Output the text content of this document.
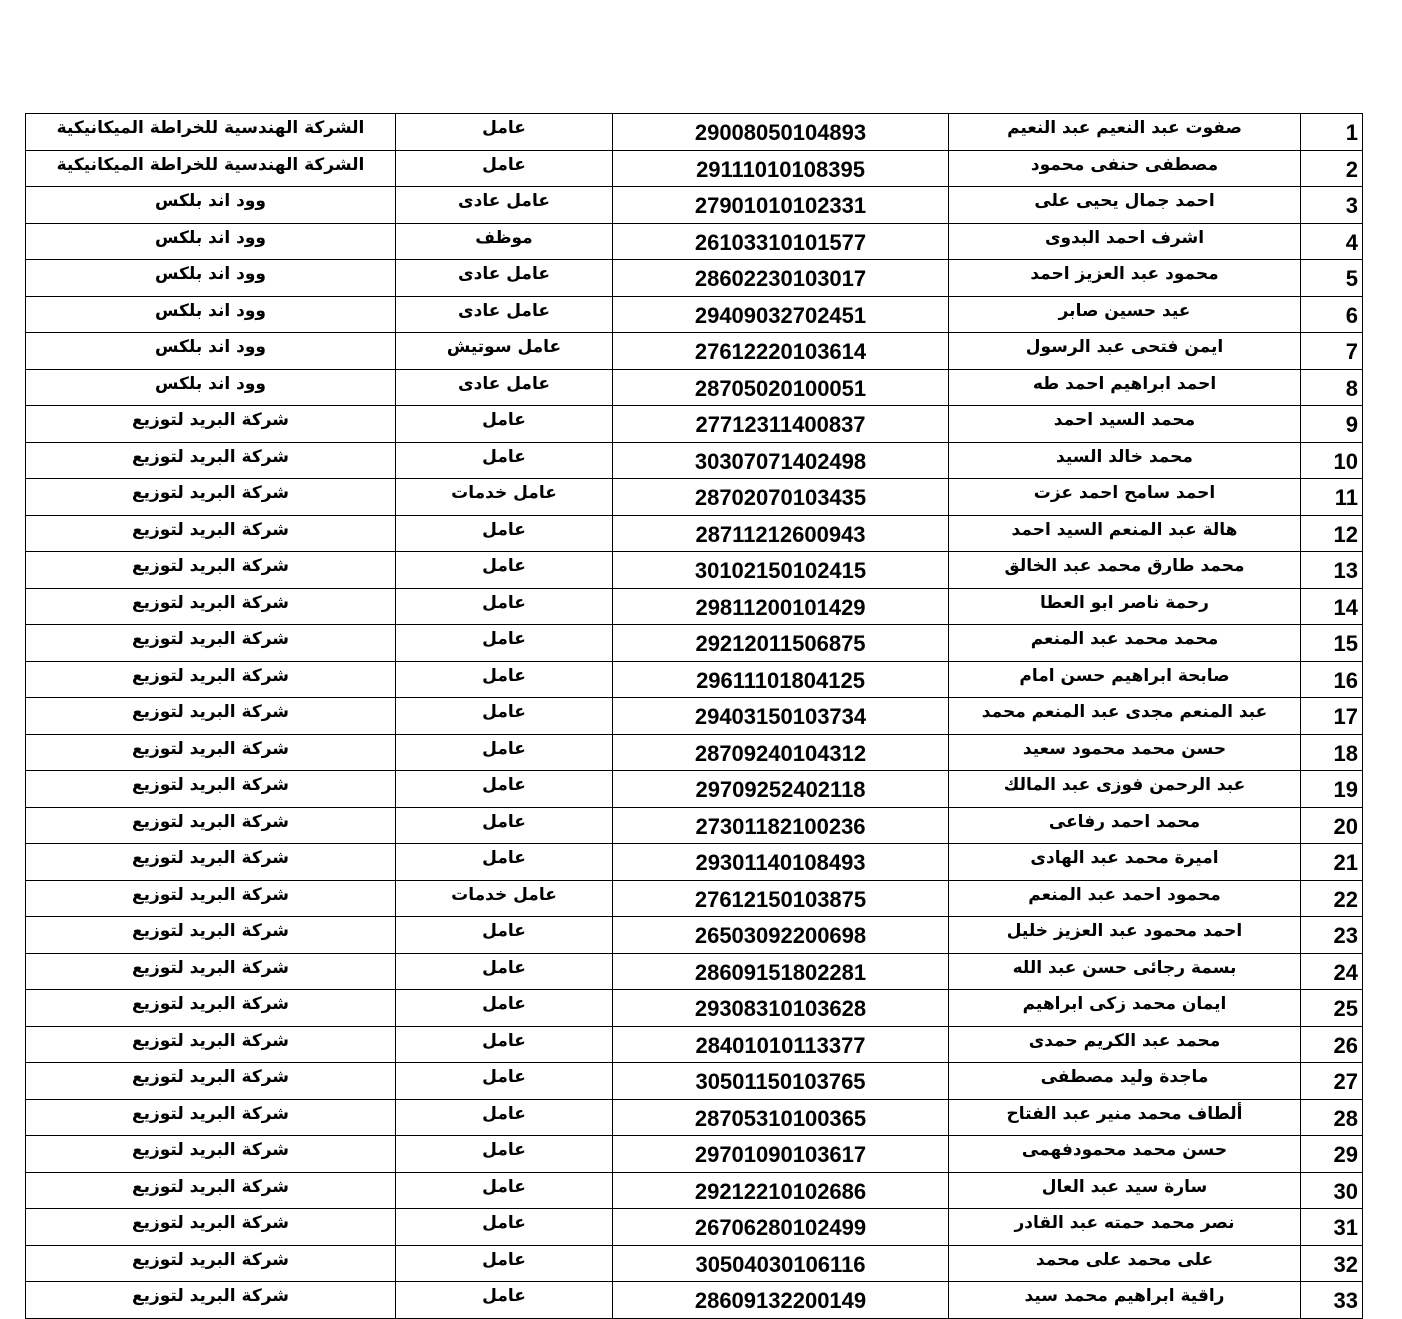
الشركة الهندسية للخراطة الميكانيكية	عامل	29008050104893	صفوت عبد النعيم عبد النعيم	1
الشركة الهندسية للخراطة الميكانيكية	عامل	29111010108395	مصطفى حنفى محمود	2
وود اند بلكس	عامل عادى	27901010102331	احمد جمال يحيى على	3
وود اند بلكس	موظف	26103310101577	اشرف احمد البدوى	4
وود اند بلكس	عامل عادى	28602230103017	محمود عبد العزيز احمد	5
وود اند بلكس	عامل عادى	29409032702451	عيد حسين صابر	6
وود اند بلكس	عامل سوتيش	27612220103614	ايمن فتحى عبد الرسول	7
وود اند بلكس	عامل عادى	28705020100051	احمد ابراهيم احمد طه	8
شركة البريد لتوزيع	عامل	27712311400837	محمد السيد احمد	9
شركة البريد لتوزيع	عامل	30307071402498	محمد خالد السيد	10
شركة البريد لتوزيع	عامل خدمات	28702070103435	احمد سامح احمد عزت	11
شركة البريد لتوزيع	عامل	28711212600943	هالة عبد المنعم السيد احمد	12
شركة البريد لتوزيع	عامل	30102150102415	محمد طارق محمد عبد الخالق	13
شركة البريد لتوزيع	عامل	29811200101429	رحمة ناصر ابو العطا	14
شركة البريد لتوزيع	عامل	29212011506875	محمد محمد عبد المنعم	15
شركة البريد لتوزيع	عامل	29611101804125	صابحة ابراهيم حسن امام	16
شركة البريد لتوزيع	عامل	29403150103734	عبد المنعم مجدى عبد المنعم محمد	17
شركة البريد لتوزيع	عامل	28709240104312	حسن محمد محمود سعيد	18
شركة البريد لتوزيع	عامل	29709252402118	عبد الرحمن فوزى عبد المالك	19
شركة البريد لتوزيع	عامل	27301182100236	محمد احمد رفاعى	20
شركة البريد لتوزيع	عامل	29301140108493	اميرة محمد عبد الهادى	21
شركة البريد لتوزيع	عامل خدمات	27612150103875	محمود احمد عبد المنعم	22
شركة البريد لتوزيع	عامل	26503092200698	احمد محمود عبد العزيز خليل	23
شركة البريد لتوزيع	عامل	28609151802281	بسمة رجائى حسن عبد الله	24
شركة البريد لتوزيع	عامل	29308310103628	ايمان محمد زكى ابراهيم	25
شركة البريد لتوزيع	عامل	28401010113377	محمد عبد الكريم حمدى	26
شركة البريد لتوزيع	عامل	30501150103765	ماجدة وليد مصطفى	27
شركة البريد لتوزيع	عامل	28705310100365	ألطاف محمد منير عبد الفتاح	28
شركة البريد لتوزيع	عامل	29701090103617	حسن محمد محمودفهمى	29
شركة البريد لتوزيع	عامل	29212210102686	سارة سيد عبد العال	30
شركة البريد لتوزيع	عامل	26706280102499	نصر محمد حمته عبد القادر	31
شركة البريد لتوزيع	عامل	30504030106116	على محمد على محمد	32
شركة البريد لتوزيع	عامل	28609132200149	راقية ابراهيم محمد سيد	33
